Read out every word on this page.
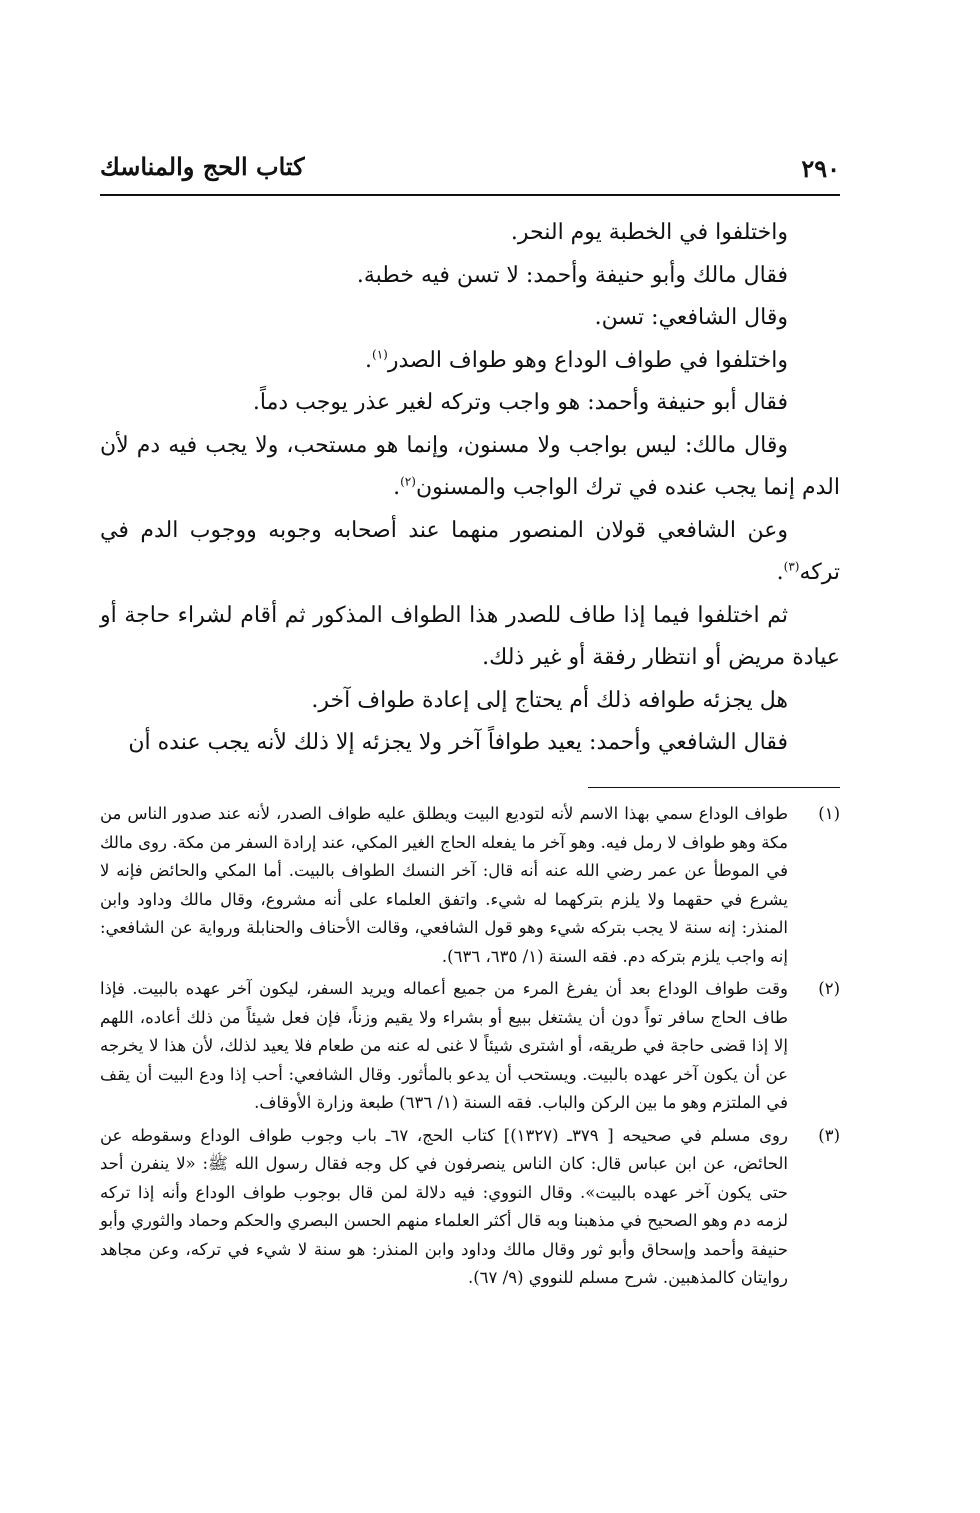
كتاب الحج والمناسك	٢٩٠

واختلفوا في الخطبة يوم النحر.

فقال مالك وأبو حنيفة وأحمد: لا تسن فيه خطبة.

وقال الشافعي: تسن.

واختلفوا في طواف الوداع وهو طواف الصدر$^{(١)}$.

فقال أبو حنيفة وأحمد: هو واجب وتركه لغير عذر يوجب دماً.

وقال مالك: ليس بواجب ولا مسنون، وإنما هو مستحب، ولا يجب فيه دم لأن الدم إنما يجب عنده في ترك الواجب والمسنون$^{(٢)}$.

وعن الشافعي قولان المنصور منهما عند أصحابه وجوبه ووجوب الدم في تركه$^{(٣)}$.

ثم اختلفوا فيما إذا طاف للصدر هذا الطواف المذكور ثم أقام لشراء حاجة أو عيادة مريض أو انتظار رفقة أو غير ذلك.

هل يجزئه طوافه ذلك أم يحتاج إلى إعادة طواف آخر.

فقال الشافعي وأحمد: يعيد طوافاً آخر ولا يجزئه إلا ذلك لأنه يجب عنده أن

(١)
طواف الوداع سمي بهذا الاسم لأنه لتوديع البيت ويطلق عليه طواف الصدر، لأنه عند صدور الناس من مكة وهو طواف لا رمل فيه. وهو آخر ما يفعله الحاج الغير المكي، عند إرادة السفر من مكة. روى مالك في الموطأ عن عمر رضي الله عنه أنه قال: آخر النسك الطواف بالبيت. أما المكي والحائض فإنه لا يشرع في حقهما ولا يلزم بتركهما له شيء. واتفق العلماء على أنه مشروع، وقال مالك وداود وابن المنذر: إنه سنة لا يجب بتركه شيء وهو قول الشافعي، وقالت الأحناف والحنابلة ورواية عن الشافعي: إنه واجب يلزم بتركه دم. فقه السنة (١/ ٦٣٥، ٦٣٦).
(٢)
وقت طواف الوداع بعد أن يفرغ المرء من جميع أعماله ويريد السفر، ليكون آخر عهده بالبيت. فإذا طاف الحاج سافر تواً دون أن يشتغل ببيع أو بشراء ولا يقيم وزناً، فإن فعل شيئاً من ذلك أعاده، اللهم إلا إذا قضى حاجة في طريقه، أو اشترى شيئاً لا غنى له عنه من طعام فلا يعيد لذلك، لأن هذا لا يخرجه عن أن يكون آخر عهده بالبيت. ويستحب أن يدعو بالمأثور. وقال الشافعي: أحب إذا ودع البيت أن يقف في الملتزم وهو ما بين الركن والباب. فقه السنة (١/ ٦٣٦) طبعة وزارة الأوقاف.
(٣)
روى مسلم في صحيحه [ ٣٧٩ـ (١٣٢٧)] كتاب الحج، ٦٧ـ باب وجوب طواف الوداع وسقوطه عن الحائض، عن ابن عباس قال: كان الناس ينصرفون في كل وجه فقال رسول الله ﷺ: «لا ينفرن أحد حتى يكون آخر عهده بالبيت». وقال النووي: فيه دلالة لمن قال بوجوب طواف الوداع وأنه إذا تركه لزمه دم وهو الصحيح في مذهبنا وبه قال أكثر العلماء منهم الحسن البصري والحكم وحماد والثوري وأبو حنيفة وأحمد وإسحاق وأبو ثور وقال مالك وداود وابن المنذر: هو سنة لا شيء في تركه، وعن مجاهد روايتان كالمذهبين. شرح مسلم للنووي (٩/ ٦٧).
